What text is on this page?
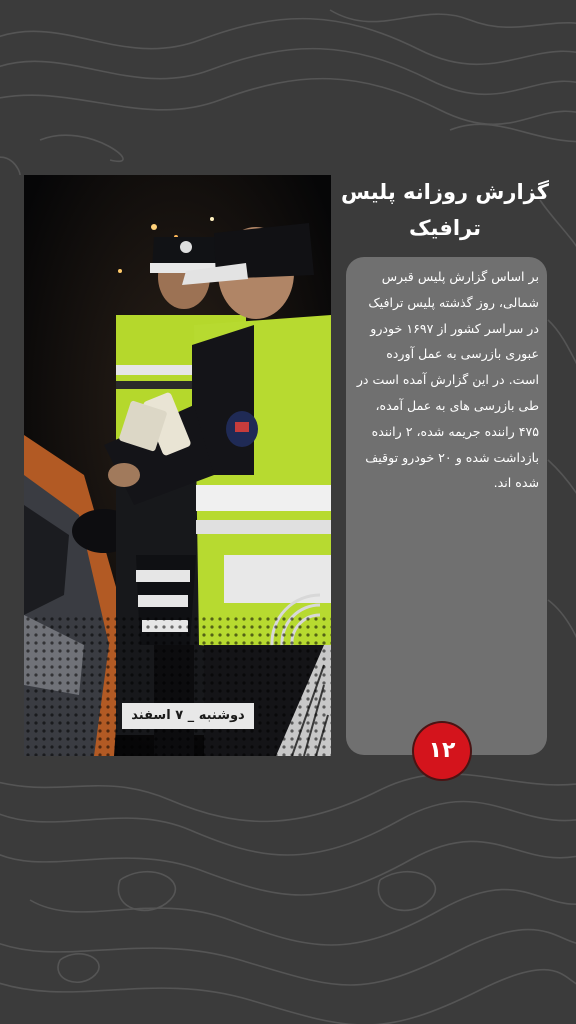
گزارش روزانه پلیس ترافیک
دوشنبه _ ۷ اسفند
بر اساس گزارش پلیس قبرس شمالی، روز گذشته پلیس ترافیک در سراسر کشور از ۱۶۹۷ خودرو عبوری بازرسی به عمل آورده است. در این گزارش آمده است در طی بازرسی های به عمل آمده، ۴۷۵ راننده جریمه شده، ۲ راننده بازداشت شده و ۲۰ خودرو توقیف شده اند.
۱۲
